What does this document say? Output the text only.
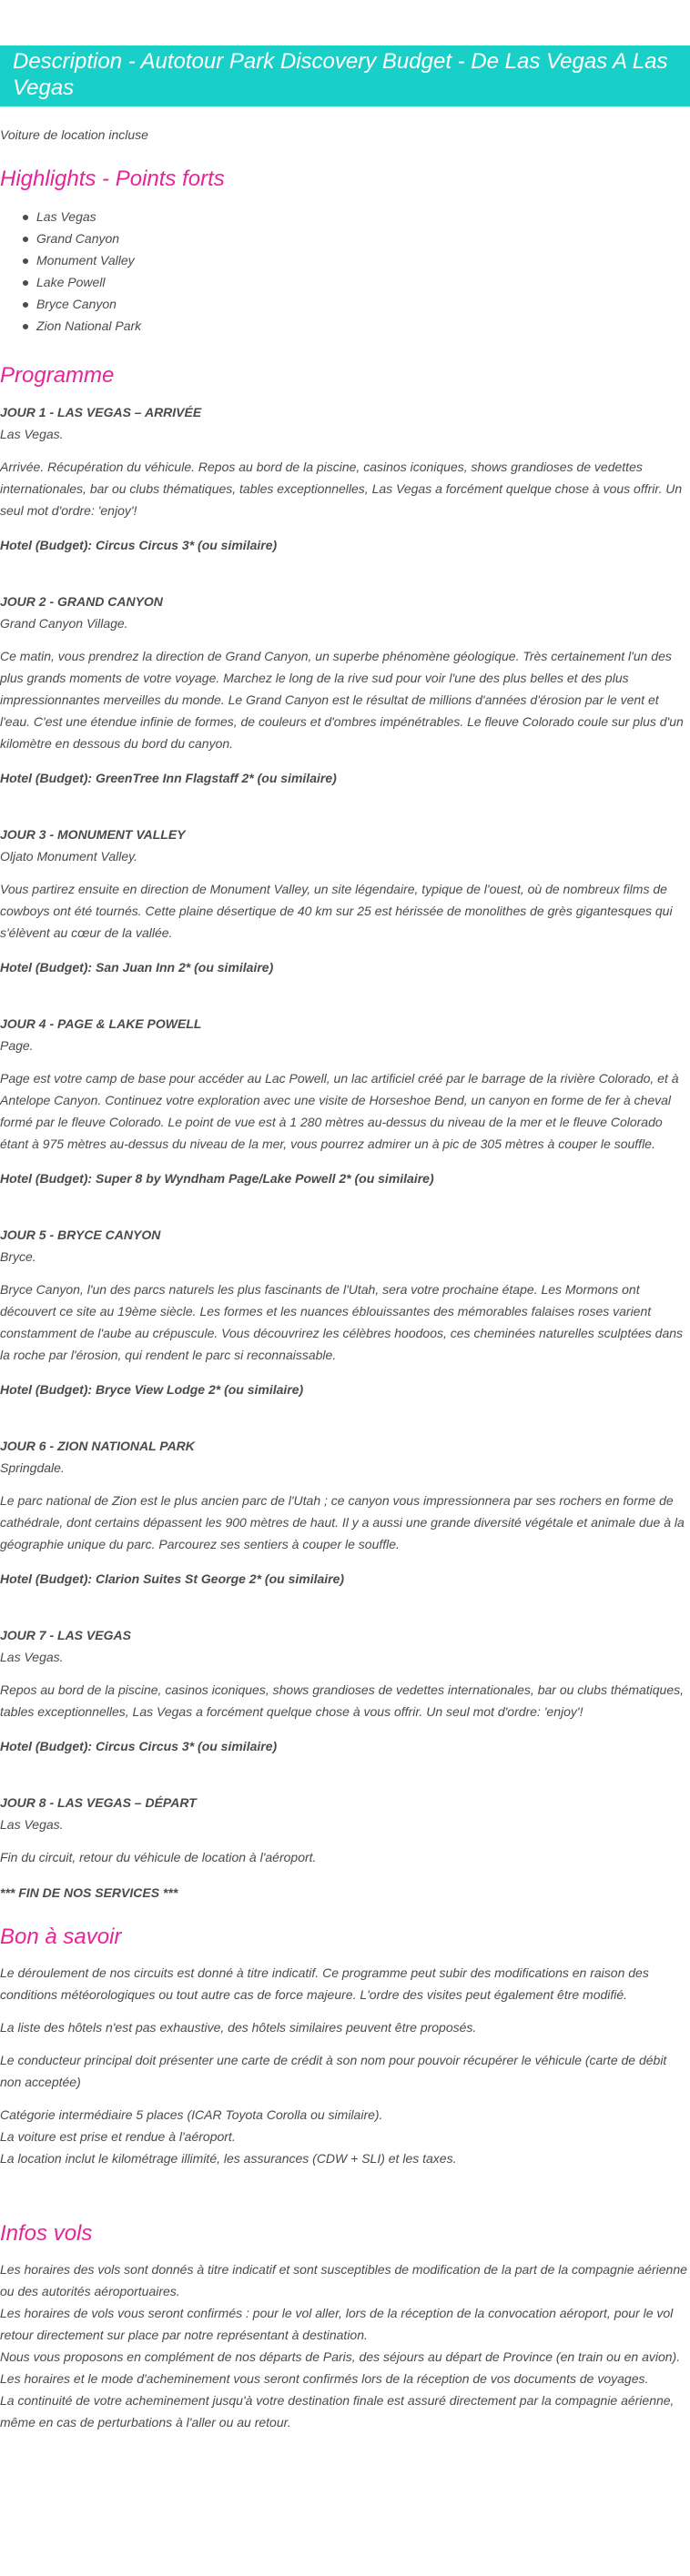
Description - Autotour Park Discovery Budget - De Las Vegas A Las Vegas
Voiture de location incluse
Highlights - Points forts
Las Vegas
Grand Canyon
Monument Valley
Lake Powell
Bryce Canyon
Zion National Park
Programme
JOUR 1 - LAS VEGAS – ARRIVÉE
Las Vegas.
Arrivée. Récupération du véhicule. Repos au bord de la piscine, casinos iconiques, shows grandioses de vedettes internationales, bar ou clubs thématiques, tables exceptionnelles, Las Vegas a forcément quelque chose à vous offrir. Un seul mot d'ordre: 'enjoy'!
Hotel (Budget): Circus Circus 3* (ou similaire)
JOUR 2 - GRAND CANYON
Grand Canyon Village.
Ce matin, vous prendrez la direction de Grand Canyon, un superbe phénomène géologique. Très certainement l'un des plus grands moments de votre voyage. Marchez le long de la rive sud pour voir l'une des plus belles et des plus impressionnantes merveilles du monde. Le Grand Canyon est le résultat de millions d'années d'érosion par le vent et l'eau. C'est une étendue infinie de formes, de couleurs et d'ombres impénétrables. Le fleuve Colorado coule sur plus d'un kilomètre en dessous du bord du canyon.
Hotel (Budget): GreenTree Inn Flagstaff 2* (ou similaire)
JOUR 3 - MONUMENT VALLEY
Oljato Monument Valley.
Vous partirez ensuite en direction de Monument Valley, un site légendaire, typique de l'ouest, où de nombreux films de cowboys ont été tournés. Cette plaine désertique de 40 km sur 25 est hérissée de monolithes de grès gigantesques qui s'élèvent au cœur de la vallée.
Hotel (Budget): San Juan Inn 2* (ou similaire)
JOUR 4 - PAGE & LAKE POWELL
Page.
Page est votre camp de base pour accéder au Lac Powell, un lac artificiel créé par le barrage de la rivière Colorado, et à Antelope Canyon. Continuez votre exploration avec une visite de Horseshoe Bend, un canyon en forme de fer à cheval formé par le fleuve Colorado. Le point de vue est à 1 280 mètres au-dessus du niveau de la mer et le fleuve Colorado étant à 975 mètres au-dessus du niveau de la mer, vous pourrez admirer un à pic de 305 mètres à couper le souffle.
Hotel (Budget): Super 8 by Wyndham Page/Lake Powell 2* (ou similaire)
JOUR 5 - BRYCE CANYON
Bryce.
Bryce Canyon, l'un des parcs naturels les plus fascinants de l'Utah, sera votre prochaine étape. Les Mormons ont découvert ce site au 19ème siècle. Les formes et les nuances éblouissantes des mémorables falaises roses varient constamment de l'aube au crépuscule. Vous découvrirez les célèbres hoodoos, ces cheminées naturelles sculptées dans la roche par l'érosion, qui rendent le parc si reconnaissable.
Hotel (Budget): Bryce View Lodge 2* (ou similaire)
JOUR 6 - ZION NATIONAL PARK
Springdale.
Le parc national de Zion est le plus ancien parc de l'Utah ; ce canyon vous impressionnera par ses rochers en forme de cathédrale, dont certains dépassent les 900 mètres de haut. Il y a aussi une grande diversité végétale et animale due à la géographie unique du parc. Parcourez ses sentiers à couper le souffle.
Hotel (Budget): Clarion Suites St George 2* (ou similaire)
JOUR 7 - LAS VEGAS
Las Vegas.
Repos au bord de la piscine, casinos iconiques, shows grandioses de vedettes internationales, bar ou clubs thématiques, tables exceptionnelles, Las Vegas a forcément quelque chose à vous offrir. Un seul mot d'ordre: 'enjoy'!
Hotel (Budget): Circus Circus 3* (ou similaire)
JOUR 8 - LAS VEGAS – DÉPART
Las Vegas.
Fin du circuit, retour du véhicule de location à l'aéroport.
*** FIN DE NOS SERVICES ***
Bon à savoir
Le déroulement de nos circuits est donné à titre indicatif. Ce programme peut subir des modifications en raison des conditions météorologiques ou tout autre cas de force majeure. L'ordre des visites peut également être modifié.
La liste des hôtels n'est pas exhaustive, des hôtels similaires peuvent être proposés.
Le conducteur principal doit présenter une carte de crédit à son nom pour pouvoir récupérer le véhicule (carte de débit non acceptée)
Catégorie intermédiaire 5 places (ICAR Toyota Corolla ou similaire).
La voiture est prise et rendue à l'aéroport.
La location inclut le kilométrage illimité, les assurances (CDW + SLI) et les taxes.
Infos vols
Les horaires des vols sont donnés à titre indicatif et sont susceptibles de modification de la part de la compagnie aérienne ou des autorités aéroportuaires.
Les horaires de vols vous seront confirmés : pour le vol aller, lors de la réception de la convocation aéroport, pour le vol retour directement sur place par notre représentant à destination.
Nous vous proposons en complément de nos départs de Paris, des séjours au départ de Province (en train ou en avion).
Les horaires et le mode d'acheminement vous seront confirmés lors de la réception de vos documents de voyages.
La continuité de votre acheminement jusqu'à votre destination finale est assuré directement par la compagnie aérienne, même en cas de perturbations à l'aller ou au retour.
